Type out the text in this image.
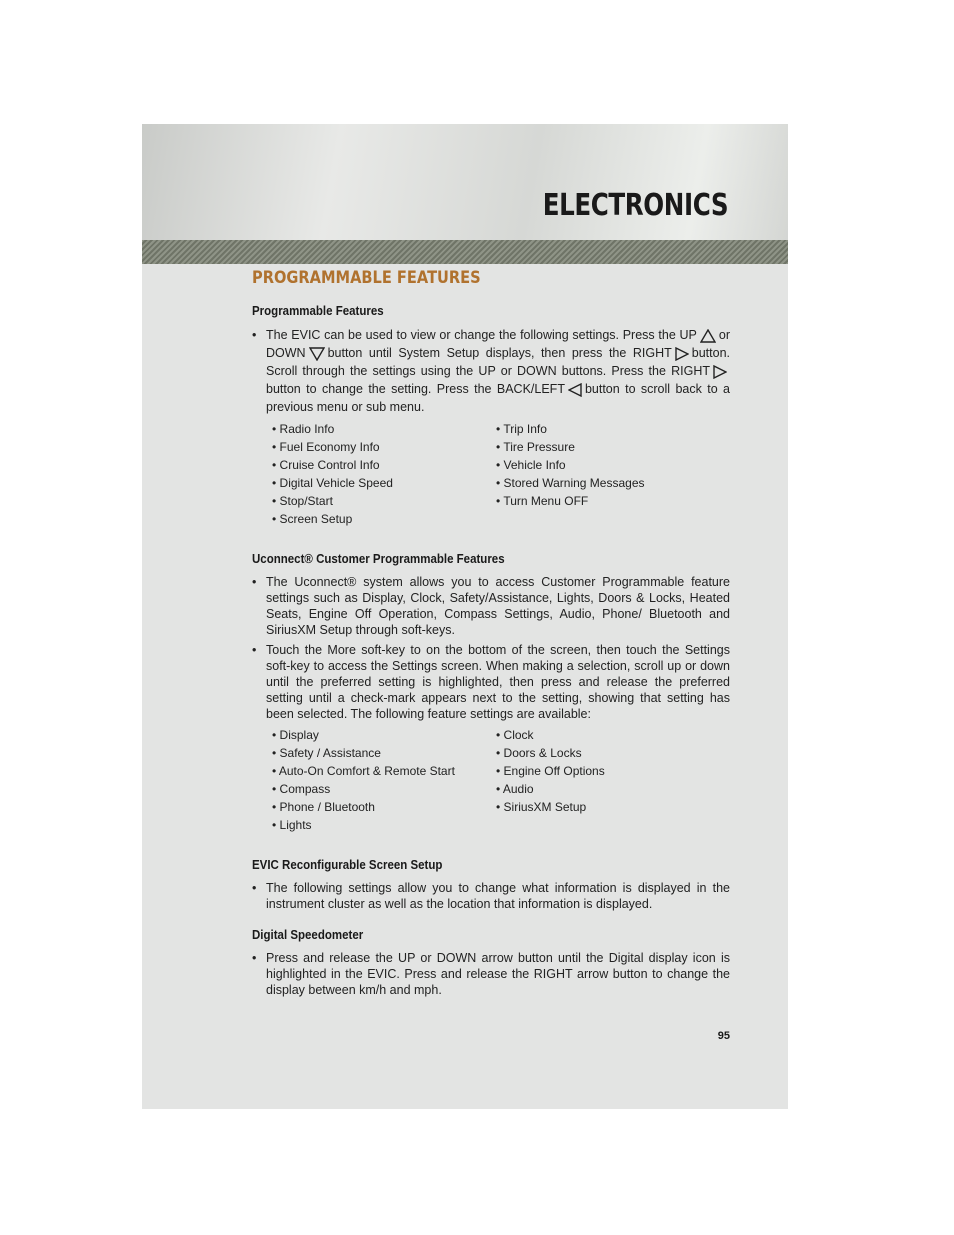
ELECTRONICS
PROGRAMMABLE FEATURES

Programmable Features

• The EVIC can be used to view or change the following settings. Press the UP or DOWN button until System Setup displays, then press the RIGHT button. Scroll through the settings using the UP or DOWN buttons. Press the RIGHTbutton to change the setting. Press the BACK/LEFT button to scroll back to a previous menu or sub menu.

• Radio Info
• Fuel Economy Info
• Cruise Control Info
• Digital Vehicle Speed
• Stop/Start
• Screen Setup
• Trip Info
• Tire Pressure
• Vehicle Info
• Stored Warning Messages
• Turn Menu OFF

Uconnect® Customer Programmable Features

• The Uconnect® system allows you to access Customer Programmable feature settings such as Display, Clock, Safety/Assistance, Lights, Doors & Locks, Heated Seats, Engine Off Operation, Compass Settings, Audio, Phone/ Bluetooth and SiriusXM Setup through soft-keys.

• Touch the More soft-key to on the bottom of the screen, then touch the Settings soft-key to access the Settings screen. When making a selection, scroll up or down until the preferred setting is highlighted, then press and release the preferred setting until a check-mark appears next to the setting, showing that setting has been selected. The following feature settings are available:

• Display
• Safety / Assistance
• Auto-On Comfort & Remote Start
• Compass
• Phone / Bluetooth
• Lights
• Clock
• Doors & Locks
• Engine Off Options
• Audio
• SiriusXM Setup

EVIC Reconfigurable Screen Setup

• The following settings allow you to change what information is displayed in the instrument cluster as well as the location that information is displayed.

Digital Speedometer

• Press and release the UP or DOWN arrow button until the Digital display icon is highlighted in the EVIC. Press and release the RIGHT arrow button to change the display between km/h and mph.

95
